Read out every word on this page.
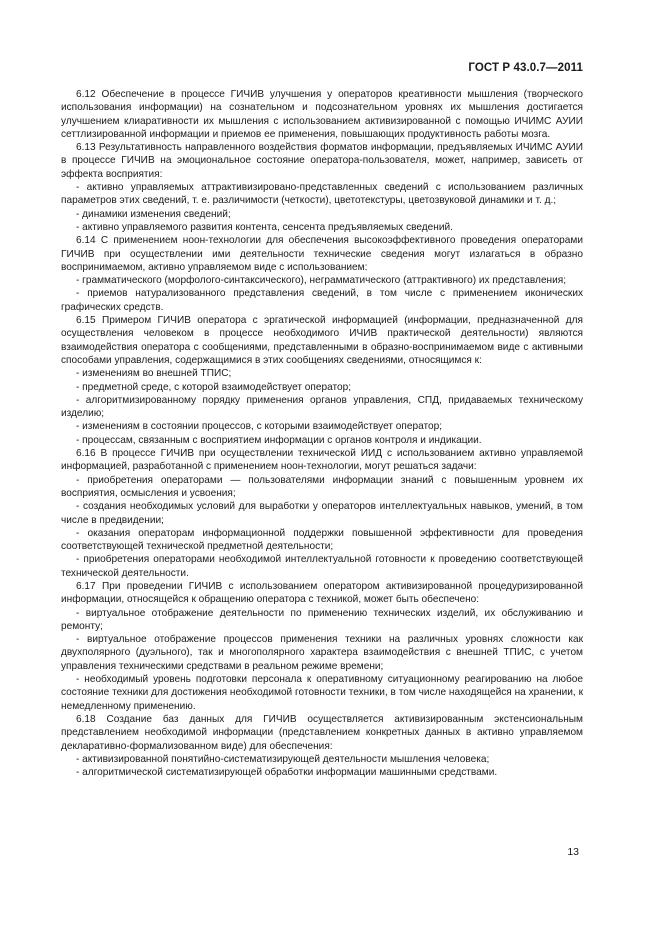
ГОСТ Р 43.0.7—2011

6.12 Обеспечение в процессе ГИЧИВ улучшения у операторов креативности мышления (творческого использования информации) на сознательном и подсознательном уровнях их мышления достигается улучшением клиаративности их мышления с использованием активизированной с помощью ИЧИМС АУИИ сеттлизированной информации и приемов ее применения, повышающих продуктивность работы мозга.

6.13 Результативность направленного воздействия форматов информации, предъявляемых ИЧИМС АУИИ в процессе ГИЧИВ на эмоциональное состояние оператора-пользователя, может, например, зависеть от эффекта восприятия:

- активно управляемых аттрактивизировано-представленных сведений с использованием различных параметров этих сведений, т. е. различимости (четкости), цветотекстуры, цветозвуковой динамики и т. д.;

- динамики изменения сведений;

- активно управляемого развития контента, сенсента предъявляемых сведений.

6.14 С применением ноон-технологии для обеспечения высокоэффективного проведения операторами ГИЧИВ при осуществлении ими деятельности технические сведения могут излагаться в образно воспринимаемом, активно управляемом виде с использованием:

- грамматического (морфолого-синтаксического), неграмматического (аттрактивного) их представления;

- приемов натурализованного представления сведений, в том числе с применением иконических графических средств.

6.15 Примером ГИЧИВ оператора с эргатической информацией (информации, предназначенной для осуществления человеком в процессе необходимого ИЧИВ практической деятельности) являются взаимодействия оператора с сообщениями, представленными в образно-воспринимаемом виде с активными способами управления, содержащимися в этих сообщениях сведениями, относящимся к:

- изменениям во внешней ТПИС;

- предметной среде, с которой взаимодействует оператор;

- алгоритмизированному порядку применения органов управления, СПД, придаваемых техническому изделию;

- изменениям в состоянии процессов, с которыми взаимодействует оператор;

- процессам, связанным с восприятием информации с органов контроля и индикации.

6.16 В процессе ГИЧИВ при осуществлении технической ИИД с использованием активно управляемой информацией, разработанной с применением ноон-технологии, могут решаться задачи:

- приобретения операторами — пользователями информации знаний с повышенным уровнем их восприятия, осмысления и усвоения;

- создания необходимых условий для выработки у операторов интеллектуальных навыков, умений, в том числе в предвидении;

- оказания операторам информационной поддержки повышенной эффективности для проведения соответствующей технической предметной деятельности;

- приобретения операторами необходимой интеллектуальной готовности к проведению соответствующей технической деятельности.

6.17 При проведении ГИЧИВ с использованием оператором активизированной процедуризированной информации, относящейся к обращению оператора с техникой, может быть обеспечено:

- виртуальное отображение деятельности по применению технических изделий, их обслуживанию и ремонту;

- виртуальное отображение процессов применения техники на различных уровнях сложности как двухполярного (дуэльного), так и многополярного характера взаимодействия с внешней ТПИС, с учетом управления техническими средствами в реальном режиме времени;

- необходимый уровень подготовки персонала к оперативному ситуационному реагированию на любое состояние техники для достижения необходимой готовности техники, в том числе находящейся на хранении, к немедленному применению.

6.18 Создание баз данных для ГИЧИВ осуществляется активизированным экстенсиональным представлением необходимой информации (представлением конкретных данных в активно управляемом декларативно-формализованном виде) для обеспечения:

- активизированной понятийно-систематизирующей деятельности мышления человека;

- алгоритмической систематизирующей обработки информации машинными средствами.

13
